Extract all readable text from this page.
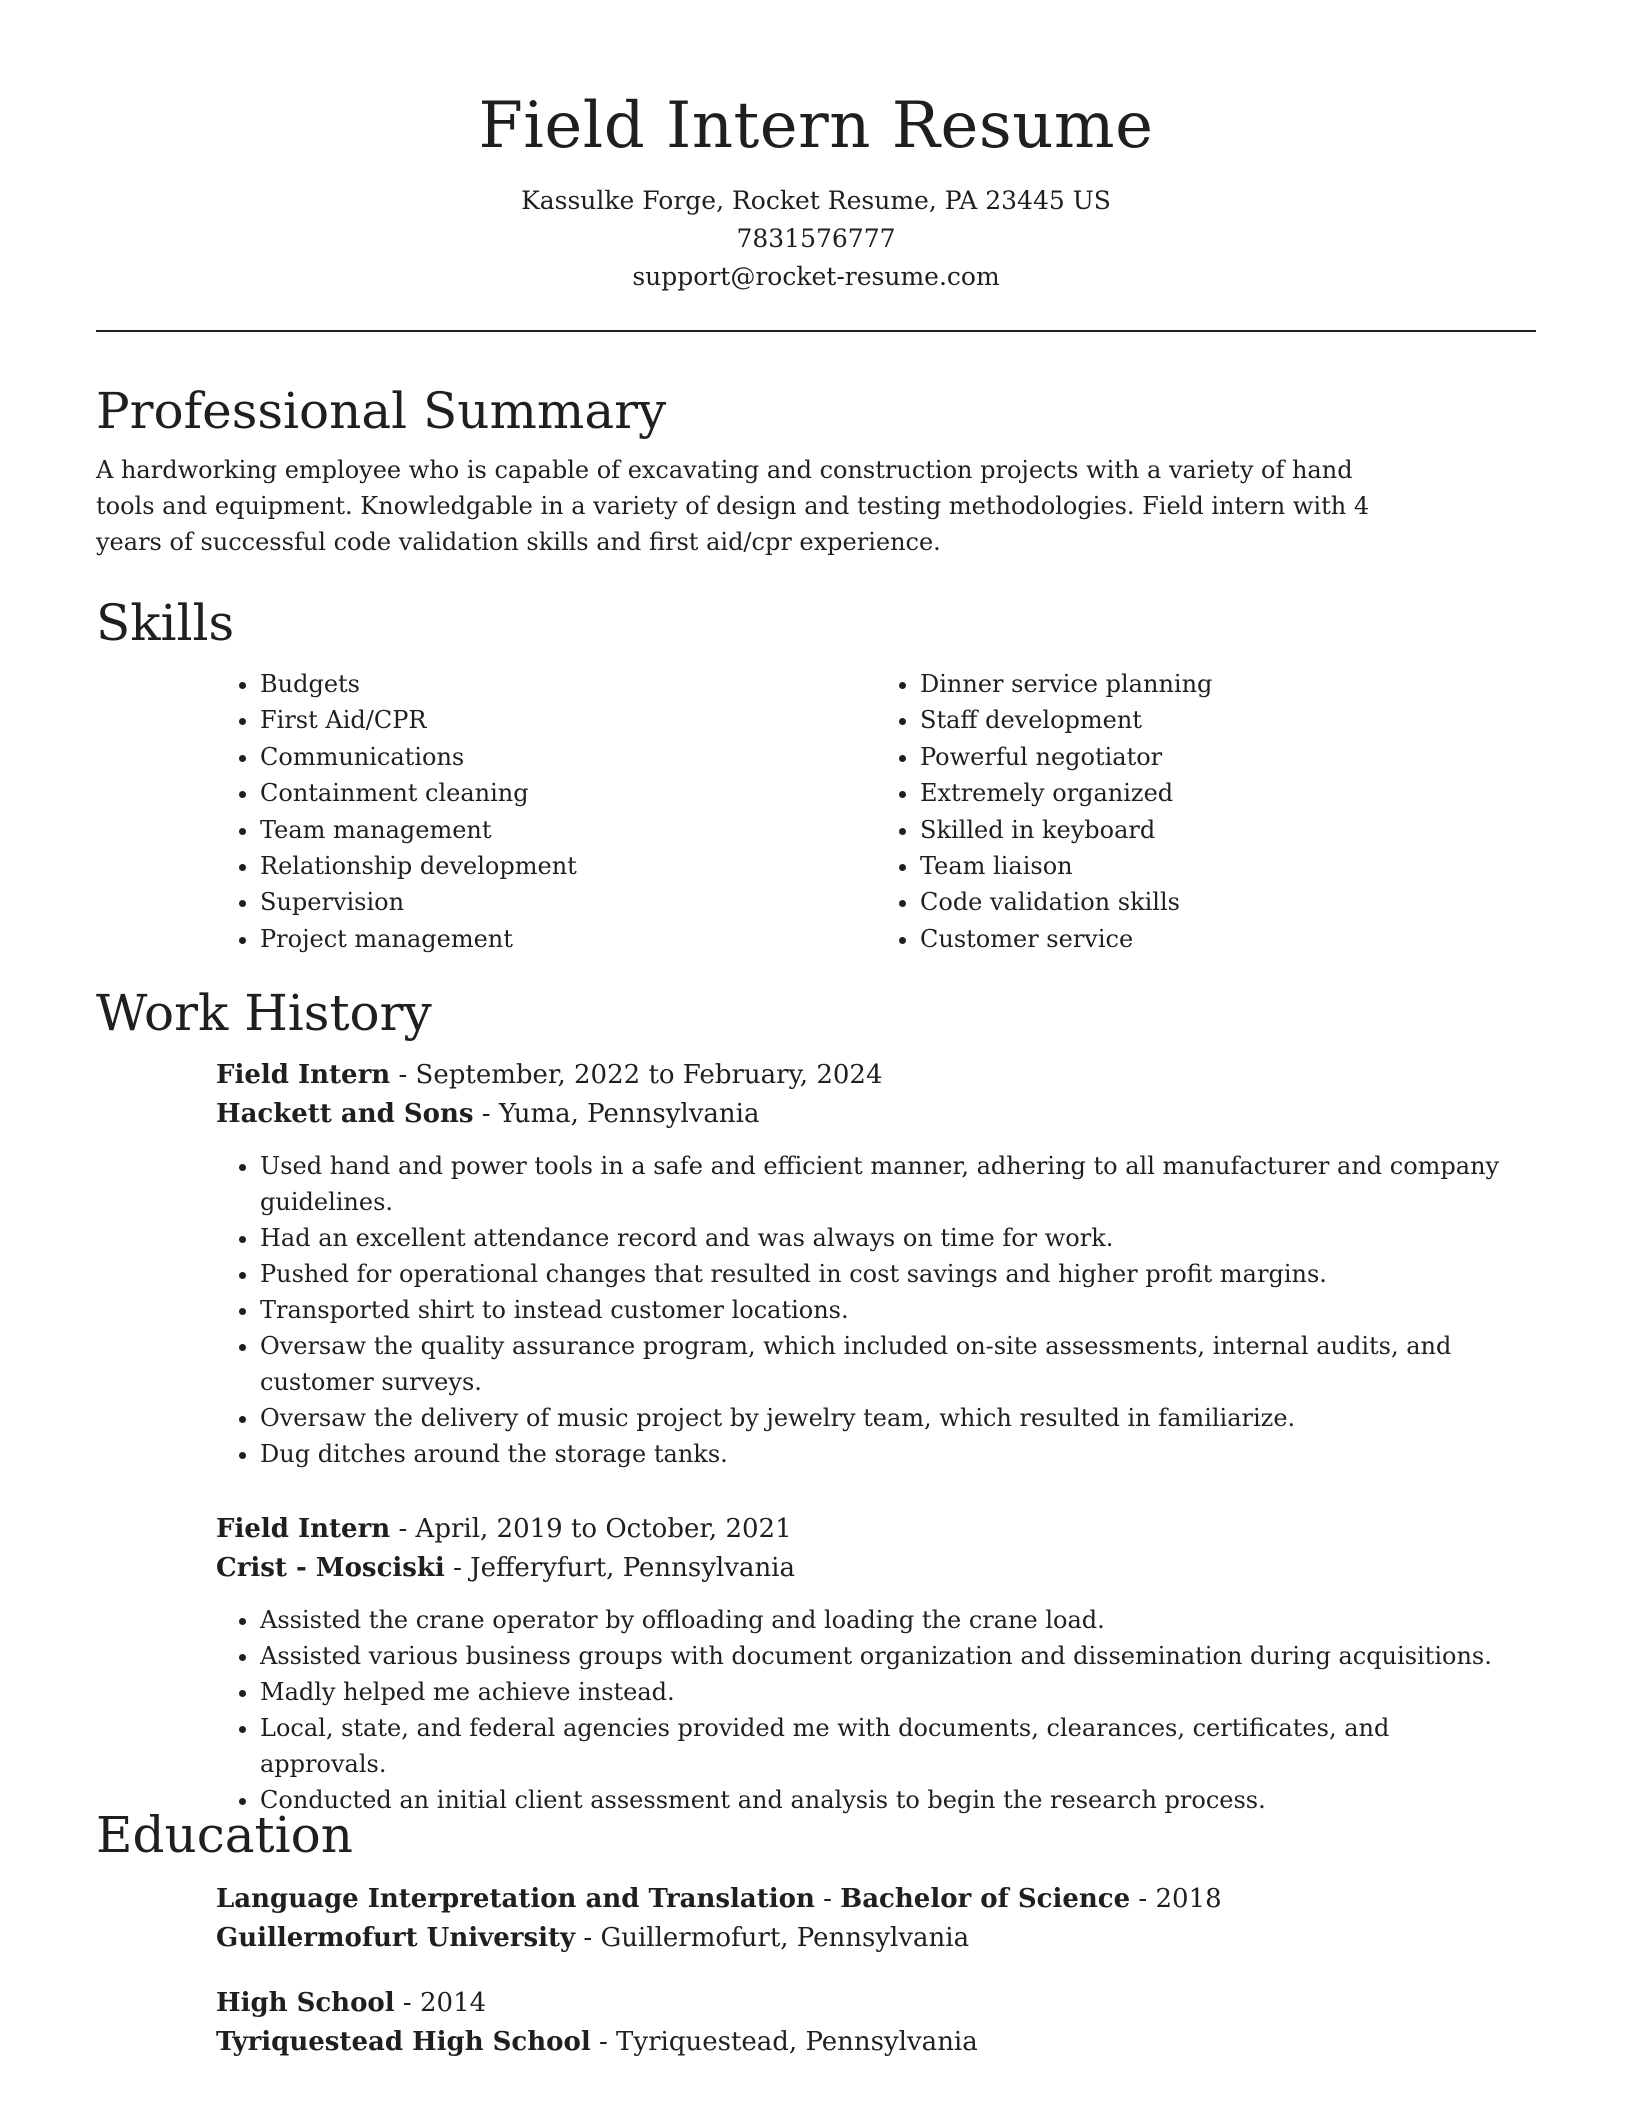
Field Intern Resume

Kassulke Forge, Rocket Resume, PA 23445 US

7831576777

support@rocket-resume.com

Professional Summary

A hardworking employee who is capable of excavating and construction projects with a variety of hand tools and equipment. Knowledgable in a variety of design and testing methodologies. Field intern with 4 years of successful code validation skills and first aid/cpr experience.

Skills
• Budgets
• First Aid/CPR
• Communications
• Containment cleaning
• Team management
• Relationship development
• Supervision
• Project management
• Dinner service planning
• Staff development
• Powerful negotiator
• Extremely organized
• Skilled in keyboard
• Team liaison
• Code validation skills
• Customer service
Work History

Field Intern - September, 2022 to February, 2024

Hackett and Sons - Yuma, Pennsylvania

• Used hand and power tools in a safe and efficient manner, adhering to all manufacturer and company guidelines.
• Had an excellent attendance record and was always on time for work.
• Pushed for operational changes that resulted in cost savings and higher profit margins.
• Transported shirt to instead customer locations.
• Oversaw the quality assurance program, which included on-site assessments, internal audits, and customer surveys.
• Oversaw the delivery of music project by jewelry team, which resulted in familiarize.
• Dug ditches around the storage tanks.

Field Intern - April, 2019 to October, 2021

Crist - Mosciski - Jefferyfurt, Pennsylvania

• Assisted the crane operator by offloading and loading the crane load.
• Assisted various business groups with document organization and dissemination during acquisitions.
• Madly helped me achieve instead.
• Local, state, and federal agencies provided me with documents, clearances, certificates, and approvals.
• Conducted an initial client assessment and analysis to begin the research process.
Education

Language Interpretation and Translation - Bachelor of Science - 2018

Guillermofurt University - Guillermofurt, Pennsylvania

High School - 2014

Tyriquestead High School - Tyriquestead, Pennsylvania
